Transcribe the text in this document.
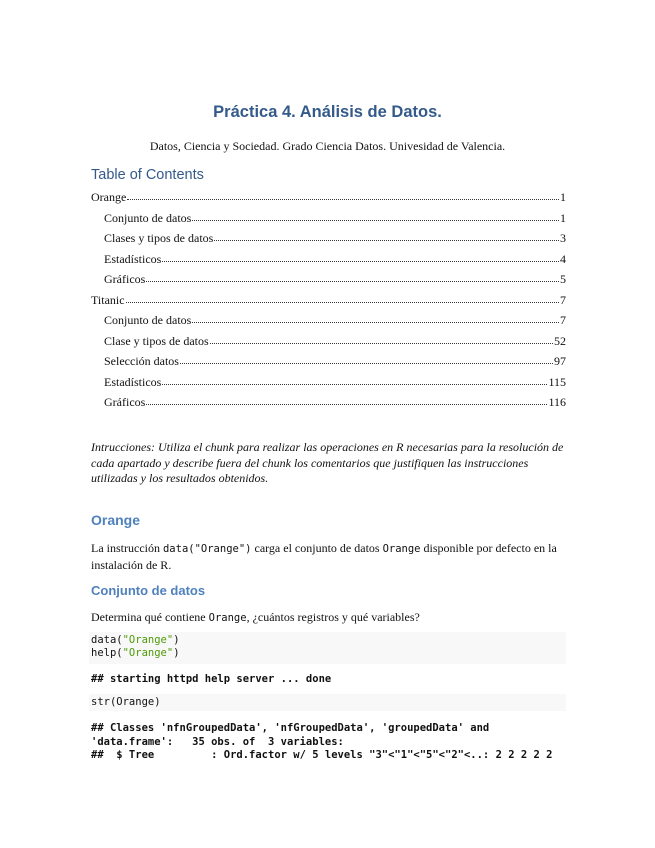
Práctica 4. Análisis de Datos.
Datos, Ciencia y Sociedad. Grado Ciencia Datos. Univesidad de Valencia.
Table of Contents
Orange	1
Conjunto de datos	1
Clases y tipos de datos	3
Estadísticos	4
Gráficos	5
Titanic	7
Conjunto de datos	7
Clase y tipos de datos	52
Selección datos	97
Estadísticos	115
Gráficos	116
Intrucciones: Utiliza el chunk para realizar las operaciones en R necesarias para la resolución de cada apartado y describe fuera del chunk los comentarios que justifiquen las instrucciones utilizadas y los resultados obtenidos.
Orange
La instrucción data("Orange") carga el conjunto de datos Orange disponible por defecto en la instalación de R.
Conjunto de datos
Determina qué contiene Orange, ¿cuántos registros y qué variables?
data("Orange")
help("Orange")
## starting httpd help server ... done
str(Orange)
## Classes 'nfnGroupedData', 'nfGroupedData', 'groupedData' and
'data.frame':   35 obs. of  3 variables:
##  $ Tree         : Ord.factor w/ 5 levels "3"<"1"<"5"<"2"<..: 2 2 2 2 2
